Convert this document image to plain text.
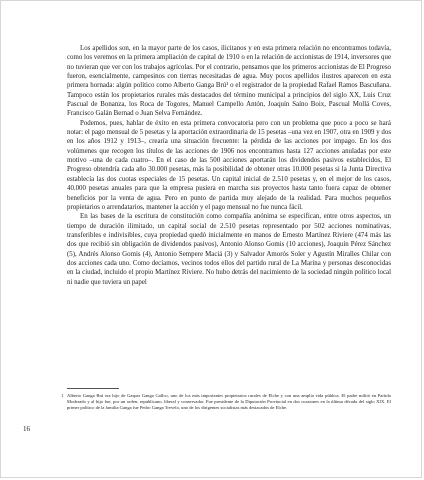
Los apellidos son, en la mayor parte de los casos, ilicitanos y en esta primera relación no encontramos todavía, como los veremos en la primera ampliación de capital de 1910 o en la relación de accionistas de 1914, inversores que no tuvieran que ver con los trabajos agrícolas. Por el contrario, pensamos que los primeros accionistas de El Progreso fueron, esencialmente, campesinos con tierras necesitadas de agua. Muy pocos apellidos ilustres aparecen en esta primera hornada: algún político como Alberto Ganga Brú¹ o el registrador de la propiedad Rafael Ramos Bascuñana. Tampoco están los propietarios rurales más destacados del término municipal a principios del siglo XX, Luis Cruz Pascual de Bonanza, los Roca de Togores, Manuel Campello Antón, Joaquín Saíno Boix, Pascual Mollá Coves, Francisco Galán Bernad o Juan Selva Fernández.

Podemos, pues, hablar de éxito en esta primera convocatoria pero con un problema que poco a poco se hará notar: el pago mensual de 5 pesetas y la aportación extraordinaria de 15 pesetas –una vez en 1907, otra en 1909 y dos en los años 1912 y 1913–, crearía una situación frecuente: la pérdida de las acciones por impago. En los dos volúmenes que recogen los títulos de las acciones de 1906 nos encontramos hasta 127 acciones anuladas por este motivo –una de cada cuatro–. En el caso de las 500 acciones aportarán los dividendos pasivos establecidos, El Progreso obtendría cada año 30.000 pesetas, más la posibilidad de obtener otras 10.000 pesetas si la Junta Directiva establecía las dos cuotas especiales de 15 pesetas. Un capital inicial de 2.510 pesetas y, en el mejor de los casos, 40.000 pesetas anuales para que la empresa pusiera en marcha sus proyectos hasta tanto fuera capaz de obtener beneficios por la venta de agua. Pero en punto de partida muy alejado de la realidad. Para muchos pequeños propietarios o arrendatarios, mantener la acción y el pago mensual no fue nunca fácil.

En las bases de la escritura de constitución como compañía anónima se especifican, entre otros aspectos, un tiempo de duración ilimitado, un capital social de 2.510 pesetas representado por 502 acciones nominativas, transferibles e indivisibles, cuya propiedad quedó inicialmente en manos de Ernesto Martínez Riviere (474 más las dos que recibió sin obligación de dividendos pasivos), Antonio Alonso Gomis (10 acciones), Joaquín Pérez Sánchez (5), Andrés Alonso Gomis (4), Antonio Sempere Maciá (3) y Salvador Amorós Soler y Agustín Miralles Chilar con dos acciones cada uno. Como decíamos, vecinos todos ellos del partido rural de La Marina y personas desconocidas en la ciudad, incluido el propio Martínez Riviere. No hubo detrás del nacimiento de la sociedad ningún político local ni nadie que tuviera un papel

1 Alberto Ganga Brú era hijo de Gaspar Ganga Gallco, uno de los más importantes propietarios rurales de Elche y con una amplia vida pública. El padre militó en Partido Moderado y al hijo fue, por un orden, republicano, liberal y conservador. Fue presidente de la Diputación Provincial en dos ocasiones en la última década del siglo XIX. El primer político de la familia Ganga fue Pedro Ganga Trevelo, uno de los dirigentes socialistas más destacados de Elche.

16
